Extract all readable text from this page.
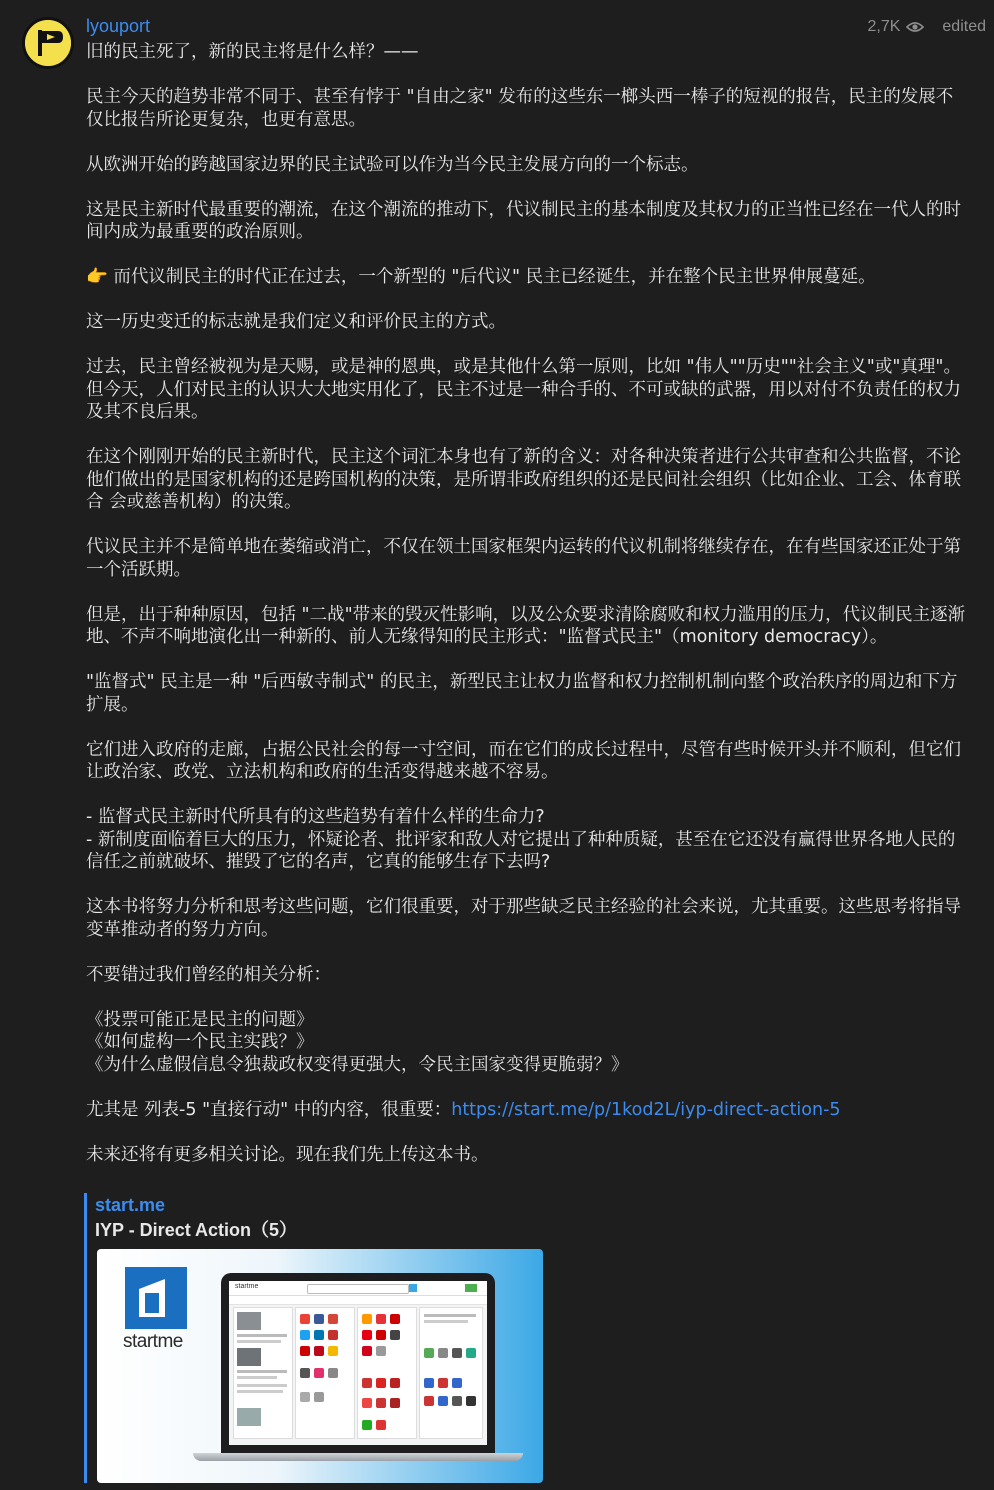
lyouport	2,7K	edited

旧的民主死了，新的民主将是什么样？——

民主今天的趋势非常不同于、甚至有悖于 "自由之家" 发布的这些东一榔头西一棒子的短视的报告，民主的发展不仅比报告所论更复杂，也更有意思。

从欧洲开始的跨越国家边界的民主试验可以作为当今民主发展方向的一个标志。

这是民主新时代最重要的潮流，在这个潮流的推动下，代议制民主的基本制度及其权力的正当性已经在一代人的时间内成为最重要的政治原则。

👉 而代议制民主的时代正在过去，一个新型的 "后代议" 民主已经诞生，并在整个民主世界伸展蔓延。

这一历史变迁的标志就是我们定义和评价民主的方式。

过去，民主曾经被视为是天赐，或是神的恩典，或是其他什么第一原则，比如 "伟人""历史""社会主义"或"真理"。但今天，人们对民主的认识大大地实用化了，民主不过是一种合手的、不可或缺的武器，用以对付不负责任的权力及其不良后果。

在这个刚刚开始的民主新时代，民主这个词汇本身也有了新的含义：对各种决策者进行公共审查和公共监督，不论他们做出的是国家机构的还是跨国机构的决策，是所谓非政府组织的还是民间社会组织（比如企业、工会、体育联合 会或慈善机构）的决策。

代议民主并不是简单地在萎缩或消亡，不仅在领土国家框架内运转的代议机制将继续存在，在有些国家还正处于第一个活跃期。

但是，出于种种原因，包括 "二战"带来的毁灭性影响，以及公众要求清除腐败和权力滥用的压力，代议制民主逐渐地、不声不响地演化出一种新的、前人无缘得知的民主形式："监督式民主"（monitory democracy）。

"监督式" 民主是一种 "后西敏寺制式" 的民主，新型民主让权力监督和权力控制机制向整个政治秩序的周边和下方扩展。

它们进入政府的走廊，占据公民社会的每一寸空间，而在它们的成长过程中，尽管有些时候开头并不顺利，但它们让政治家、政党、立法机构和政府的生活变得越来越不容易。

- 监督式民主新时代所具有的这些趋势有着什么样的生命力?
- 新制度面临着巨大的压力，怀疑论者、批评家和敌人对它提出了种种质疑，甚至在它还没有赢得世界各地人民的信任之前就破坏、摧毁了它的名声，它真的能够生存下去吗?

这本书将努力分析和思考这些问题，它们很重要，对于那些缺乏民主经验的社会来说，尤其重要。这些思考将指导变革推动者的努力方向。

不要错过我们曾经的相关分析：

《投票可能正是民主的问题》
《如何虚构一个民主实践？》
《为什么虚假信息令独裁政权变得更强大，令民主国家变得更脆弱？》

尤其是 列表-5 "直接行动" 中的内容，很重要：https://start.me/p/1kod2L/iyp-direct-action-5

未来还将有更多相关讨论。现在我们先上传这本书。

start.me
IYP - Direct Action（5）
startme
startme
